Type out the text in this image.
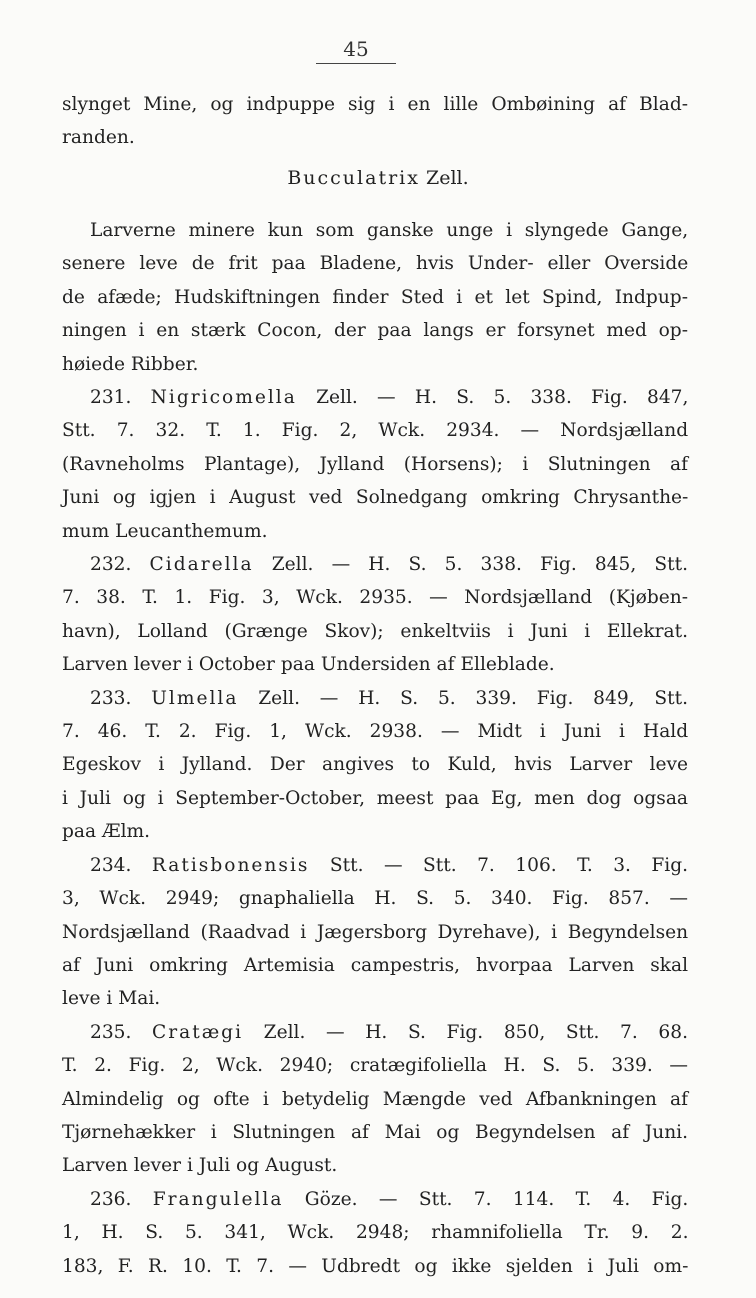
45
slynget Mine, og indpuppe sig i en lille Ombøining af Blad-
randen.
Bucculatrix Zell.
Larverne minere kun som ganske unge i slyngede Gange,
senere leve de frit paa Bladene, hvis Under- eller Overside
de afæde; Hudskiftningen finder Sted i et let Spind, Indpup-
ningen i en stærk Cocon, der paa langs er forsynet med op-
høiede Ribber.
231. Nigricomella Zell. — H. S. 5. 338. Fig. 847,
Stt. 7. 32. T. 1. Fig. 2, Wck. 2934. — Nordsjælland
(Ravneholms Plantage), Jylland (Horsens); i Slutningen af
Juni og igjen i August ved Solnedgang omkring Chrysanthe-
mum Leucanthemum.
232. Cidarella Zell. — H. S. 5. 338. Fig. 845, Stt.
7. 38. T. 1. Fig. 3, Wck. 2935. — Nordsjælland (Kjøben-
havn), Lolland (Grænge Skov); enkeltviis i Juni i Ellekrat.
Larven lever i October paa Undersiden af Elleblade.
233. Ulmella Zell. — H. S. 5. 339. Fig. 849, Stt.
7. 46. T. 2. Fig. 1, Wck. 2938. — Midt i Juni i Hald
Egeskov i Jylland. Der angives to Kuld, hvis Larver leve
i Juli og i September-October, meest paa Eg, men dog ogsaa
paa Ælm.
234. Ratisbonensis Stt. — Stt. 7. 106. T. 3. Fig.
3, Wck. 2949; gnaphaliella H. S. 5. 340. Fig. 857. —
Nordsjælland (Raadvad i Jægersborg Dyrehave), i Begyndelsen
af Juni omkring Artemisia campestris, hvorpaa Larven skal
leve i Mai.
235. Cratægi Zell. — H. S. Fig. 850, Stt. 7. 68.
T. 2. Fig. 2, Wck. 2940; cratægifoliella H. S. 5. 339. —
Almindelig og ofte i betydelig Mængde ved Afbankningen af
Tjørnehækker i Slutningen af Mai og Begyndelsen af Juni.
Larven lever i Juli og August.
236. Frangulella Göze. — Stt. 7. 114. T. 4. Fig.
1, H. S. 5. 341, Wck. 2948; rhamnifoliella Tr. 9. 2.
183, F. R. 10. T. 7. — Udbredt og ikke sjelden i Juli om-
